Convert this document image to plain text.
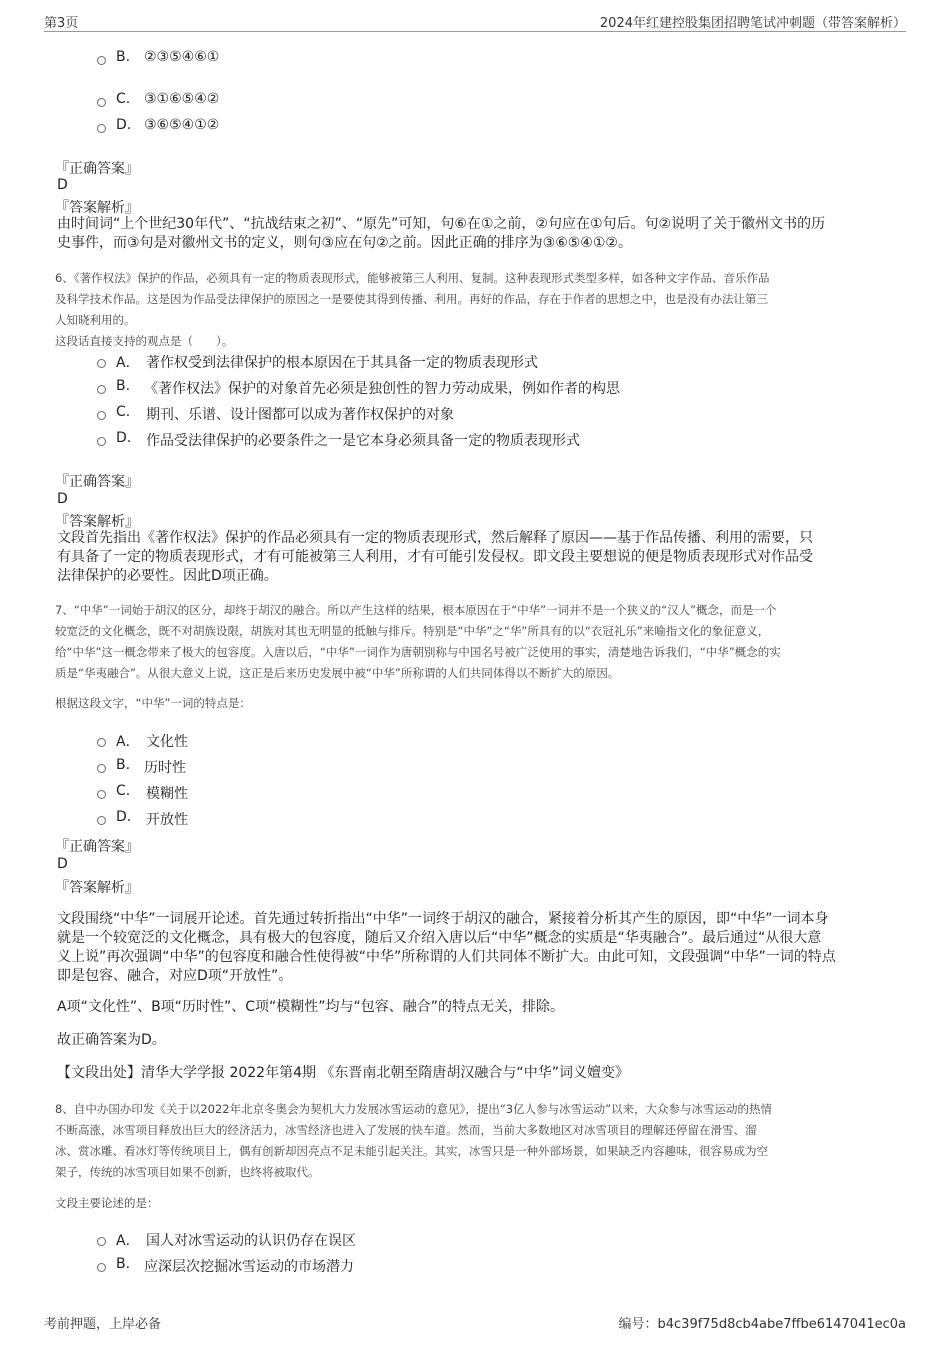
第3页	2024年红建控股集团招聘笔试冲刺题（带答案解析）
B. ②③⑤④⑥①
C. ③①⑥⑤④②
D. ③⑥⑤④①②
『正确答案』
D
『答案解析』
由时间词“上个世纪30年代”、“抗战结束之初”、“原先”可知，句⑥在①之前，②句应在①句后。句②说明了关于徽州文书的历
史事件，而③句是对徽州文书的定义，则句③应在句②之前。因此正确的排序为③⑥⑤④①②。
6、《著作权法》保护的作品，必须具有一定的物质表现形式，能够被第三人利用、复制。这种表现形式类型多样，如各种文字作品、音乐作品
及科学技术作品。这是因为作品受法律保护的原因之一是要使其得到传播、利用。再好的作品，存在于作者的思想之中，也是没有办法让第三
人知晓利用的。
这段话直接支持的观点是（　　）。
A． 著作权受到法律保护的根本原因在于其具备一定的物质表现形式
B. 《著作权法》保护的对象首先必须是独创性的智力劳动成果，例如作者的构思
C. 期刊、乐谱、设计图都可以成为著作权保护的对象
D. 作品受法律保护的必要条件之一是它本身必须具备一定的物质表现形式
『正确答案』
D
『答案解析』
文段首先指出《著作权法》保护的作品必须具有一定的物质表现形式，然后解释了原因——基于作品传播、利用的需要，只
有具备了一定的物质表现形式，才有可能被第三人利用，才有可能引发侵权。即文段主要想说的便是物质表现形式对作品受
法律保护的必要性。因此D项正确。
7、“中华”一词始于胡汉的区分，却终于胡汉的融合。所以产生这样的结果，根本原因在于“中华”一词并不是一个狭义的“汉人”概念，而是一个
较宽泛的文化概念，既不对胡族设限，胡族对其也无明显的抵触与排斥。特别是“中华”之“华”所具有的以“衣冠礼乐”来喻指文化的象征意义，
给“中华”这一概念带来了极大的包容度。入唐以后，“中华”一词作为唐朝别称与中国名号被广泛使用的事实，清楚地告诉我们，“中华”概念的实
质是“华夷融合”。从很大意义上说，这正是后来历史发展中被“中华”所称谓的人们共同体得以不断扩大的原因。
根据这段文字，“中华”一词的特点是：
A． 文化性
B. 历时性
C. 模糊性
D. 开放性
『正确答案』
D
『答案解析』
文段围绕“中华”一词展开论述。首先通过转折指出“中华”一词终于胡汉的融合，紧接着分析其产生的原因，即“中华”一词本身
就是一个较宽泛的文化概念，具有极大的包容度，随后又介绍入唐以后“中华”概念的实质是“华夷融合”。最后通过“从很大意
义上说”再次强调“中华”的包容度和融合性使得被“中华”所称谓的人们共同体不断扩大。由此可知，文段强调“中华”一词的特点
即是包容、融合，对应D项“开放性”。
A项“文化性”、B项“历时性”、C项“模糊性”均与“包容、融合”的特点无关，排除。
故正确答案为D。
【文段出处】清华大学学报 2022年第4期 《东晋南北朝至隋唐胡汉融合与“中华”词义嬗变》
8、自中办国办印发《关于以2022年北京冬奥会为契机大力发展冰雪运动的意见》，提出“3亿人参与冰雪运动”以来，大众参与冰雪运动的热情
不断高涨，冰雪项目释放出巨大的经济活力，冰雪经济也进入了发展的快车道。然而，当前大多数地区对冰雪项目的理解还停留在滑雪、溜
冰、赏冰雕、看冰灯等传统项目上，偶有创新却因亮点不足未能引起关注。其实，冰雪只是一种外部场景，如果缺乏内容趣味，很容易成为空
架子，传统的冰雪项目如果不创新，也终将被取代。
文段主要论述的是：
A． 国人对冰雪运动的认识仍存在误区
B. 应深层次挖掘冰雪运动的市场潜力
考前押题，上岸必备	编号：b4c39f75d8cb4abe7ffbe6147041ec0a
